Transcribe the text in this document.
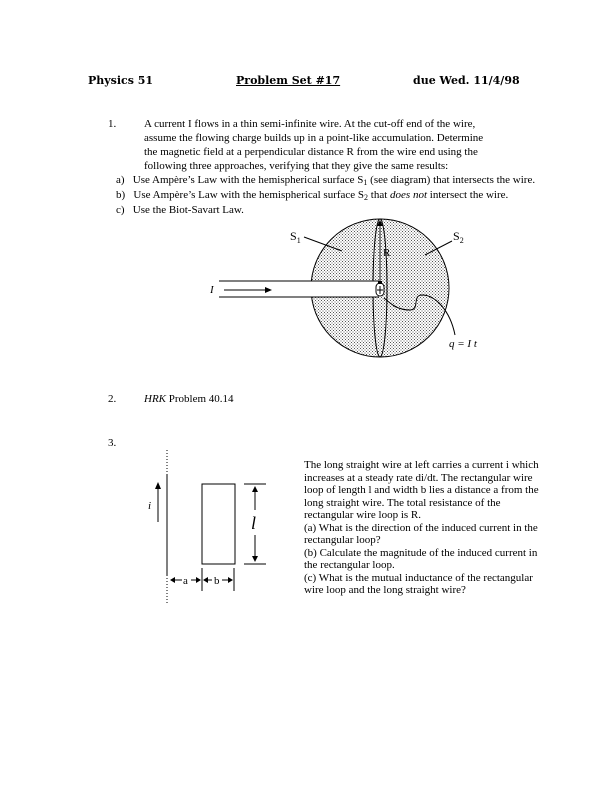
Physics 51	Problem Set #17	due Wed. 11/4/98
1.	A current I flows in a thin semi-infinite wire. At the cut-off end of the wire,
assume the flowing charge builds up in a point-like accumulation. Determine
the magnetic field at a perpendicular distance R from the wire end using the
following three approaches, verifying that they give the same results:
a) Use Ampère’s Law with the hemispherical surface $S_1$ (see diagram) that intersects the wire.
b) Use Ampère’s Law with the hemispherical surface $S_2$ that does not intersect the wire.
c) Use the Biot-Savart Law.
$S_1$	$S_2$
R
I
q = I t
2.	HRK Problem 40.14
3.
The long straight wire at left carries a current i which
increases at a steady rate di/dt. The rectangular wire
loop of length l and width b lies a distance a from the
long straight wire. The total resistance of the
rectangular wire loop is R.
(a) What is the direction of the induced current in the
rectangular loop?
(b) Calculate the magnitude of the induced current in
the rectangular loop.
(c) What is the mutual inductance of the rectangular
wire loop and the long straight wire?
i
l
a b
